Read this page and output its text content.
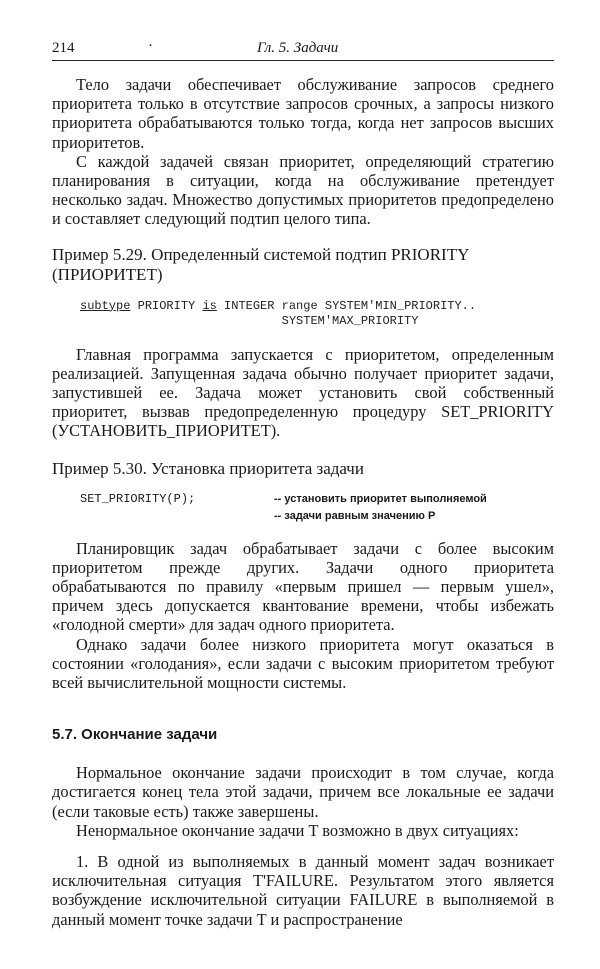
214	·	Гл. 5. Задачи

Тело задачи обеспечивает обслуживание запросов среднего приоритета только в отсутствие запросов срочных, а запросы низкого приоритета обрабатываются только тогда, когда нет запросов высших приоритетов.

С каждой задачей связан приоритет, определяющий стратегию планирования в ситуации, когда на обслуживание претендует несколько задач. Множество допустимых приоритетов предопределено и составляет следующий подтип целого типа.

Пример 5.29. Определенный системой подтип PRIORITY (ПРИОРИТЕТ)

subtype PRIORITY is INTEGER range SYSTEM'MIN_PRIORITY..
SYSTEM'MAX_PRIORITY

Главная программа запускается с приоритетом, определенным реализацией. Запущенная задача обычно получает приоритет задачи, запустившей ее. Задача может установить свой собственный приоритет, вызвав предопределенную процедуру SET_PRIORITY (УСТАНОВИТЬ_ПРИОРИТЕТ).

Пример 5.30. Установка приоритета задачи

SET_PRIORITY(P);	-- установить приоритет выполняемой
-- задачи равным значению P

Планировщик задач обрабатывает задачи с более высоким приоритетом прежде других. Задачи одного приоритета обрабатываются по правилу «первым пришел — первым ушел», причем здесь допускается квантование времени, чтобы избежать «голодной смерти» для задач одного приоритета.

Однако задачи более низкого приоритета могут оказаться в состоянии «голодания», если задачи с высоким приоритетом требуют всей вычислительной мощности системы.

5.7. Окончание задачи

Нормальное окончание задачи происходит в том случае, когда достигается конец тела этой задачи, причем все локальные ее задачи (если таковые есть) также завершены.

Ненормальное окончание задачи T возможно в двух ситуациях:

1. В одной из выполняемых в данный момент задач возникает исключительная ситуация T'FAILURE. Результатом этого является возбуждение исключительной ситуации FAILURE в выполняемой в данный момент точке задачи T и распространение
